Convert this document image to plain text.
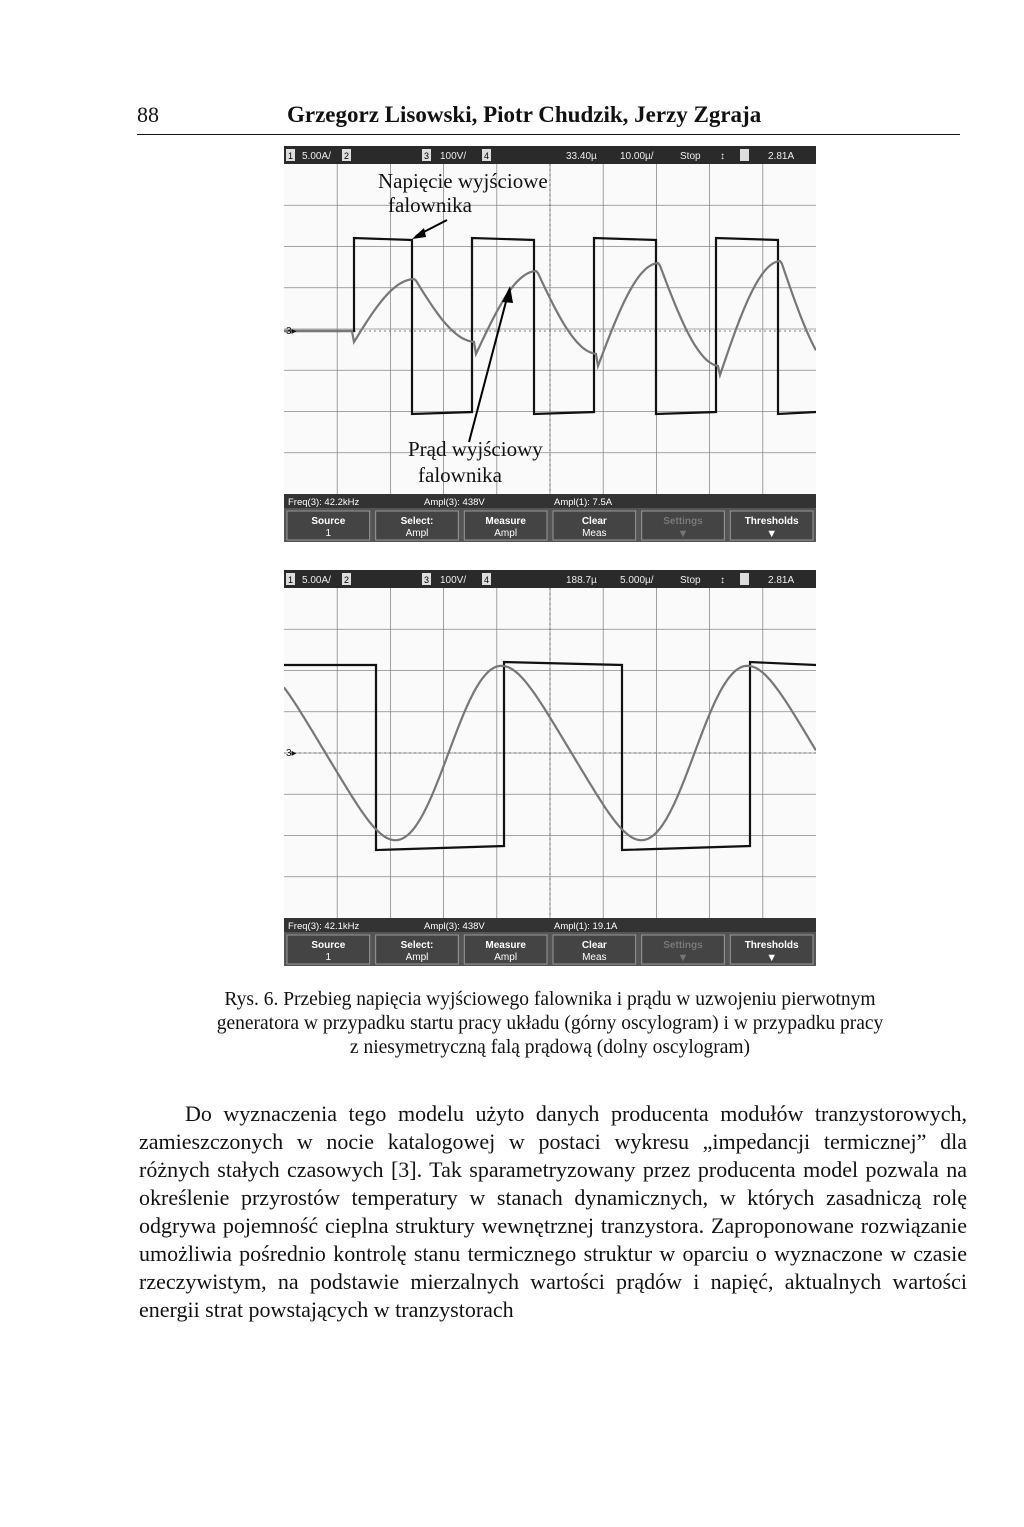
88	Grzegorz Lisowski, Piotr Chudzik, Jerzy Zgraja
1 5.00A/ 2	3 100V/ 4	33.40µ 10.00µ/	Stop ↕	2.81A
3▸
Napięcie wyjściowe
falownika
Prąd wyjściowy
falownika
Freq(3): 42.2kHz	Ampl(3): 438V	Ampl(1): 7.5A
Source
1
Select:
Ampl
Measure
Ampl
Clear
Meas
Settings
▼
Thresholds
▼
1 5.00A/ 2	3 100V/ 4	188.7µ 5.000µ/	Stop ↕	2.81A
3▸
Freq(3): 42.1kHz	Ampl(3): 438V	Ampl(1): 19.1A
Source
1
Select:
Ampl
Measure
Ampl
Clear
Meas
Settings
▼
Thresholds
▼
Rys. 6. Przebieg napięcia wyjściowego falownika i prądu w uzwojeniu pierwotnym
generatora w przypadku startu pracy układu (górny oscylogram) i w przypadku pracy
z niesymetryczną falą prądową (dolny oscylogram)

Do wyznaczenia tego modelu użyto danych producenta modułów tranzystorowych, zamieszczonych w nocie katalogowej w postaci wykresu „impedancji termicznej” dla różnych stałych czasowych [3]. Tak sparametryzowany przez producenta model pozwala na określenie przyrostów temperatury w stanach dynamicznych, w których zasadniczą rolę odgrywa pojemność cieplna struktury wewnętrznej tranzystora. Zaproponowane rozwiązanie umożliwia pośrednio kontrolę stanu termicznego struktur w oparciu o wyznaczone w czasie rzeczywistym, na podstawie mierzalnych wartości prądów i napięć, aktualnych wartości energii strat powstających w tranzystorach
